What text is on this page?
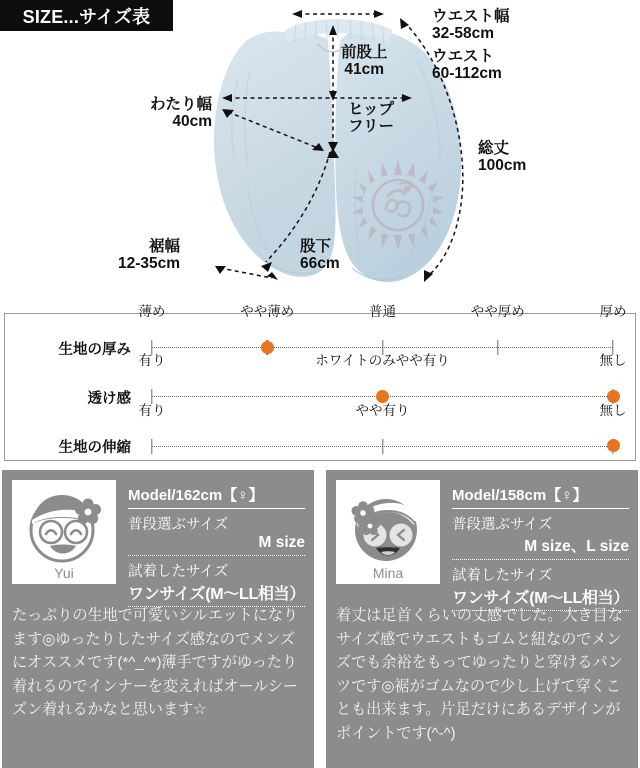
ウエスト幅
32-58cm
ウエスト
60-112cm
前股上
41cm
ヒップ
フリー
わたり幅
40cm
総丈
100cm
裾幅
12-35cm
股下
66cm
SIZE...サイズ表
生地の厚み
薄め	やや薄め	普通	やや厚め	厚め
透け感
有り	ホワイトのみやや有り	無し
生地の伸縮
有り	やや有り	無し
Yui
Model/162cm【♀】
普段選ぶサイズ
M size
試着したサイズ
ワンサイズ(M〜LL相当）
たっぷりの生地で可愛いシルエットになります◎ゆったりしたサイズ感なのでメンズにオススメです(*^_^*)薄手ですがゆったり着れるのでインナーを変えればオールシーズン着れるかなと思います☆
Mina
Model/158cm【♀】
普段選ぶサイズ
M size、L size
試着したサイズ
ワンサイズ(M〜LL相当）
着丈は足首くらいの丈感でした。大き目なサイズ感でウエストもゴムと紐なのでメンズでも余裕をもってゆったりと穿けるパンツです◎裾がゴムなので少し上げて穿くことも出来ます。片足だけにあるデザインがポイントです(^-^)
